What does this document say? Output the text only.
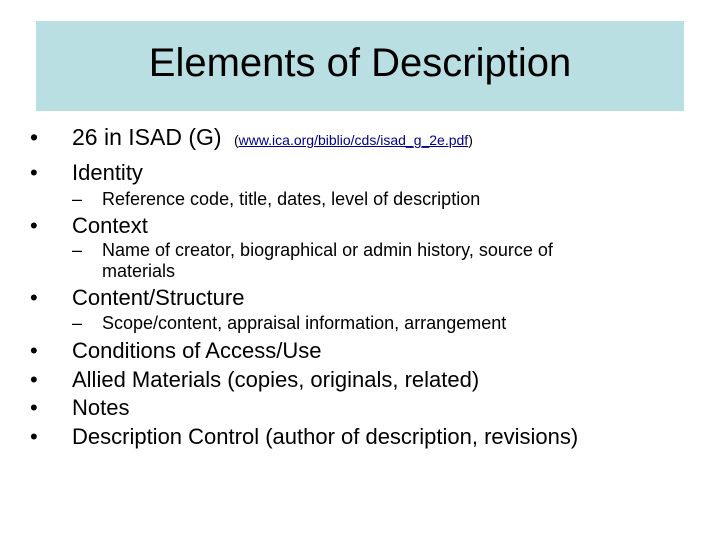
Elements of Description
• 26 in ISAD (G) (www.ica.org/biblio/cds/isad_g_2e.pdf)
• Identity
– Reference code, title, dates, level of description
• Context
– Name of creator, biographical or admin history, source of
materials
• Content/Structure
– Scope/content, appraisal information, arrangement
• Conditions of Access/Use
• Allied Materials (copies, originals, related)
• Notes
• Description Control (author of description, revisions)
